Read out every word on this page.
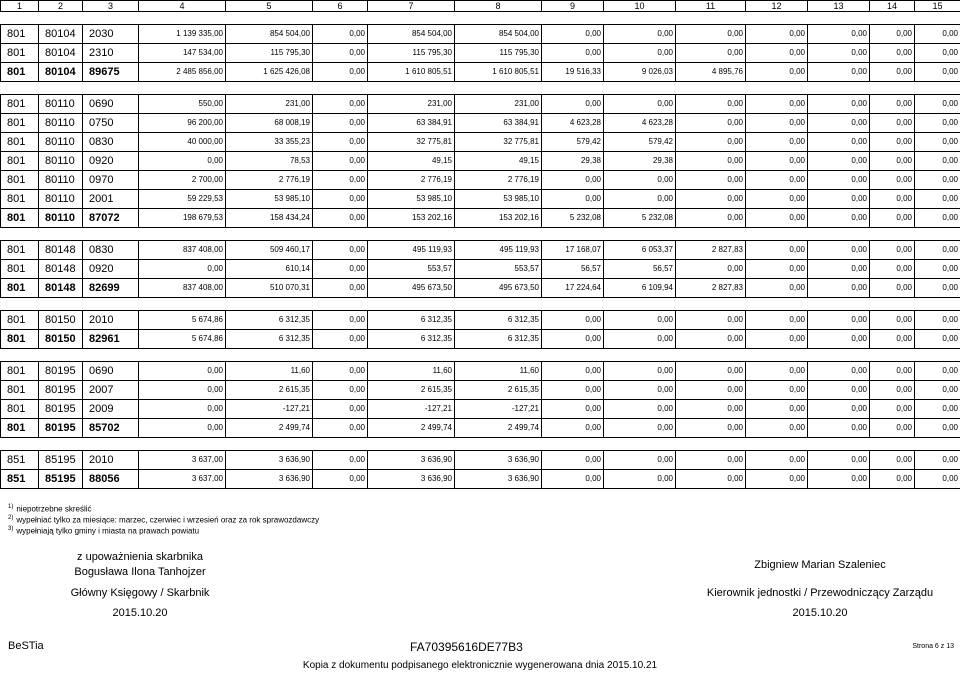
1	2	3	4	5	6	7	8	9	10	11	12	13	14	15

801	80104	2030	1 139 335,00	854 504,00	0,00	854 504,00	854 504,00	0,00	0,00	0,00	0,00	0,00	0,00	0,00
801	80104	2310	147 534,00	115 795,30	0,00	115 795,30	115 795,30	0,00	0,00	0,00	0,00	0,00	0,00	0,00
801	80104	89675	2 485 856,00	1 625 426,08	0,00	1 610 805,51	1 610 805,51	19 516,33	9 026,03	4 895,76	0,00	0,00	0,00	0,00

801	80110	0690	550,00	231,00	0,00	231,00	231,00	0,00	0,00	0,00	0,00	0,00	0,00	0,00
801	80110	0750	96 200,00	68 008,19	0,00	63 384,91	63 384,91	4 623,28	4 623,28	0,00	0,00	0,00	0,00	0,00
801	80110	0830	40 000,00	33 355,23	0,00	32 775,81	32 775,81	579,42	579,42	0,00	0,00	0,00	0,00	0,00
801	80110	0920	0,00	78,53	0,00	49,15	49,15	29,38	29,38	0,00	0,00	0,00	0,00	0,00
801	80110	0970	2 700,00	2 776,19	0,00	2 776,19	2 776,19	0,00	0,00	0,00	0,00	0,00	0,00	0,00
801	80110	2001	59 229,53	53 985,10	0,00	53 985,10	53 985,10	0,00	0,00	0,00	0,00	0,00	0,00	0,00
801	80110	87072	198 679,53	158 434,24	0,00	153 202,16	153 202,16	5 232,08	5 232,08	0,00	0,00	0,00	0,00	0,00

801	80148	0830	837 408,00	509 460,17	0,00	495 119,93	495 119,93	17 168,07	6 053,37	2 827,83	0,00	0,00	0,00	0,00
801	80148	0920	0,00	610,14	0,00	553,57	553,57	56,57	56,57	0,00	0,00	0,00	0,00	0,00
801	80148	82699	837 408,00	510 070,31	0,00	495 673,50	495 673,50	17 224,64	6 109,94	2 827,83	0,00	0,00	0,00	0,00

801	80150	2010	5 674,86	6 312,35	0,00	6 312,35	6 312,35	0,00	0,00	0,00	0,00	0,00	0,00	0,00
801	80150	82961	5 674,86	6 312,35	0,00	6 312,35	6 312,35	0,00	0,00	0,00	0,00	0,00	0,00	0,00

801	80195	0690	0,00	11,60	0,00	11,60	11,60	0,00	0,00	0,00	0,00	0,00	0,00	0,00
801	80195	2007	0,00	2 615,35	0,00	2 615,35	2 615,35	0,00	0,00	0,00	0,00	0,00	0,00	0,00
801	80195	2009	0,00	-127,21	0,00	-127,21	-127,21	0,00	0,00	0,00	0,00	0,00	0,00	0,00
801	80195	85702	0,00	2 499,74	0,00	2 499,74	2 499,74	0,00	0,00	0,00	0,00	0,00	0,00	0,00

851	85195	2010	3 637,00	3 636,90	0,00	3 636,90	3 636,90	0,00	0,00	0,00	0,00	0,00	0,00	0,00
851	85195	88056	3 637,00	3 636,90	0,00	3 636,90	3 636,90	0,00	0,00	0,00	0,00	0,00	0,00	0,00
$^{1)}$ niepotrzebne skreślić
$^{2)}$ wypełniać tylko za miesiące: marzec, czerwiec i wrzesień oraz za rok sprawozdawczy
$^{3)}$ wypełniają tylko gminy i miasta na prawach powiatu
z upoważnienia skarbnika
Bogusława Ilona Tanhojzer
Główny Księgowy / Skarbnik
2015.10.20
Zbigniew Marian Szaleniec
Kierownik jednostki / Przewodniczący Zarządu
2015.10.20
BeSTia	FA70395616DE77B3	Strona 6 z 13
Kopia z dokumentu podpisanego elektronicznie wygenerowana dnia 2015.10.21
